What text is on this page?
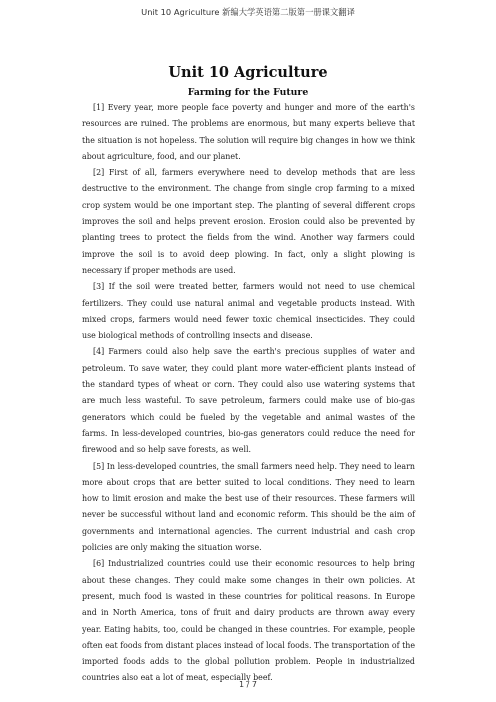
Unit 10 Agriculture 新编大学英语第二版第一册课文翻译
Unit 10 Agriculture
Farming for the Future

[1] Every year, more people face poverty and hunger and more of the earth's resources are ruined. The problems are enormous, but many experts believe that the situation is not hopeless. The solution will require big changes in how we think about agriculture, food, and our planet.

[2] First of all, farmers everywhere need to develop methods that are less destructive to the environment. The change from single crop farming to a mixed crop system would be one important step. The planting of several different crops improves the soil and helps prevent erosion. Erosion could also be prevented by planting trees to protect the fields from the wind. Another way farmers could improve the soil is to avoid deep plowing. In fact, only a slight plowing is necessary if proper methods are used.

[3] If the soil were treated better, farmers would not need to use chemical fertilizers. They could use natural animal and vegetable products instead. With mixed crops, farmers would need fewer toxic chemical insecticides. They could use biological methods of controlling insects and disease.

[4] Farmers could also help save the earth's precious supplies of water and petroleum. To save water, they could plant more water-efficient plants instead of the standard types of wheat or corn. They could also use watering systems that are much less wasteful. To save petroleum, farmers could make use of bio-gas generators which could be fueled by the vegetable and animal wastes of the farms. In less-developed countries, bio-gas generators could reduce the need for firewood and so help save forests, as well.

[5] In less-developed countries, the small farmers need help. They need to learn more about crops that are better suited to local conditions. They need to learn how to limit erosion and make the best use of their resources. These farmers will never be successful without land and economic reform. This should be the aim of governments and international agencies. The current industrial and cash crop policies are only making the situation worse.

[6] Industrialized countries could use their economic resources to help bring about these changes. They could make some changes in their own policies. At present, much food is wasted in these countries for political reasons. In Europe and in North America, tons of fruit and dairy products are thrown away every year. Eating habits, too, could be changed in these countries. For example, people often eat foods from distant places instead of local foods. The transportation of the imported foods adds to the global pollution problem. People in industrialized countries also eat a lot of meat, especially beef.

1 / 7
